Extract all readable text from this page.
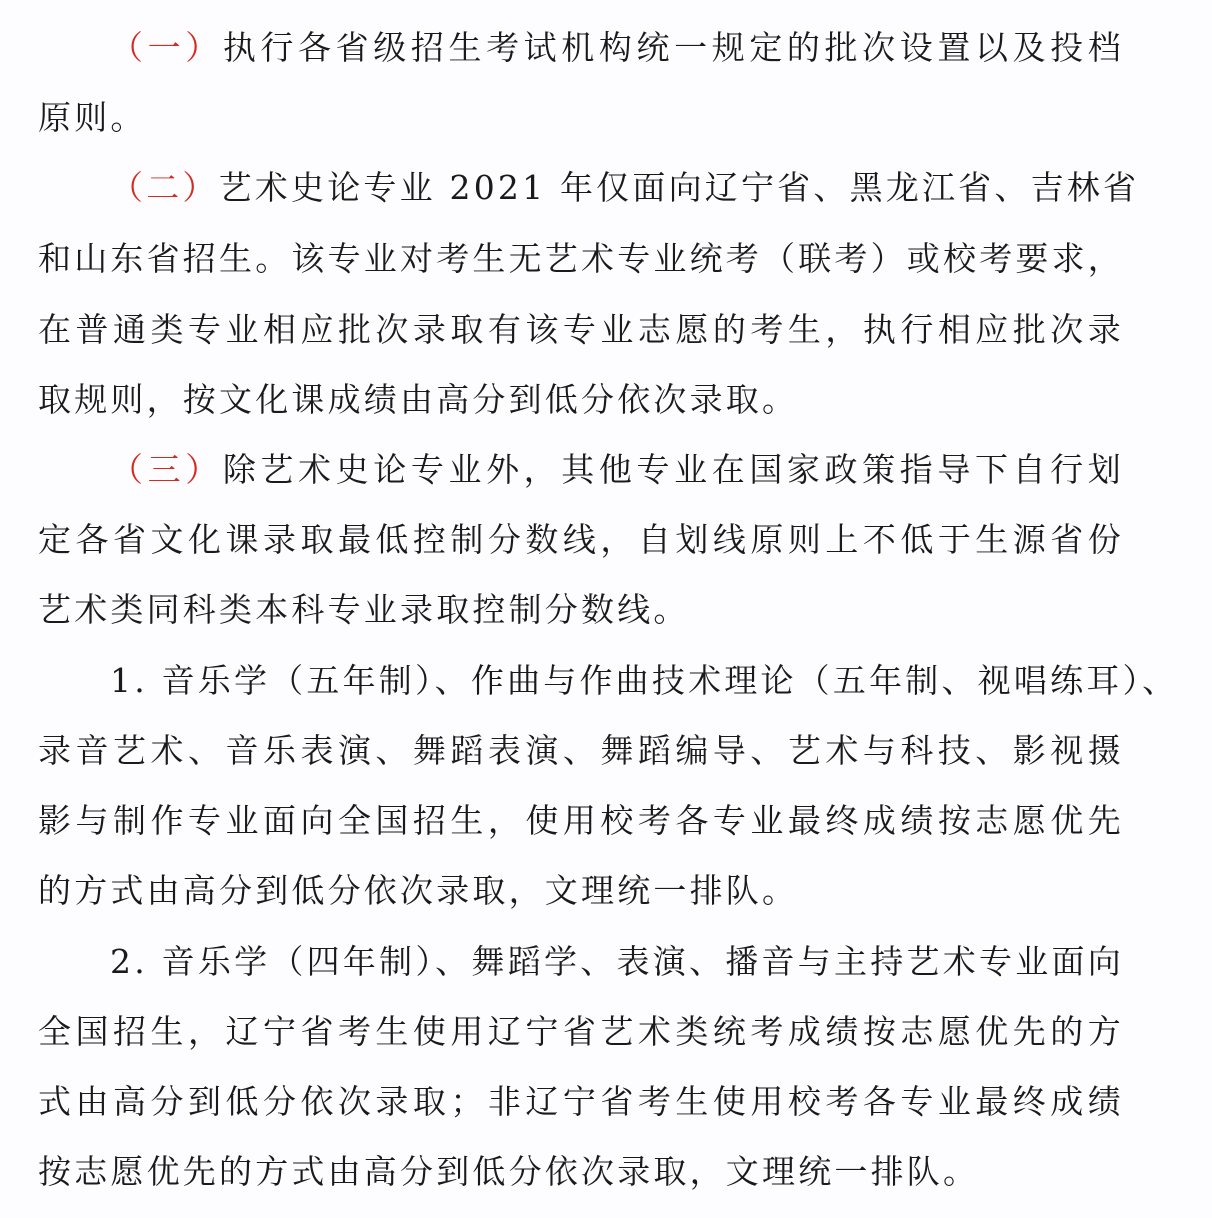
（一）执行各省级招生考试机构统一规定的批次设置以及投档
原则。
（二）艺术史论专业 2021 年仅面向辽宁省、黑龙江省、吉林省
和山东省招生。该专业对考生无艺术专业统考（联考）或校考要求，
在普通类专业相应批次录取有该专业志愿的考生，执行相应批次录
取规则，按文化课成绩由高分到低分依次录取。
（三）除艺术史论专业外，其他专业在国家政策指导下自行划
定各省文化课录取最低控制分数线，自划线原则上不低于生源省份
艺术类同科类本科专业录取控制分数线。
1. 音乐学（五年制）、作曲与作曲技术理论（五年制、视唱练耳）、
录音艺术、音乐表演、舞蹈表演、舞蹈编导、艺术与科技、影视摄
影与制作专业面向全国招生，使用校考各专业最终成绩按志愿优先
的方式由高分到低分依次录取，文理统一排队。
2. 音乐学（四年制）、舞蹈学、表演、播音与主持艺术专业面向
全国招生，辽宁省考生使用辽宁省艺术类统考成绩按志愿优先的方
式由高分到低分依次录取；非辽宁省考生使用校考各专业最终成绩
按志愿优先的方式由高分到低分依次录取，文理统一排队。
